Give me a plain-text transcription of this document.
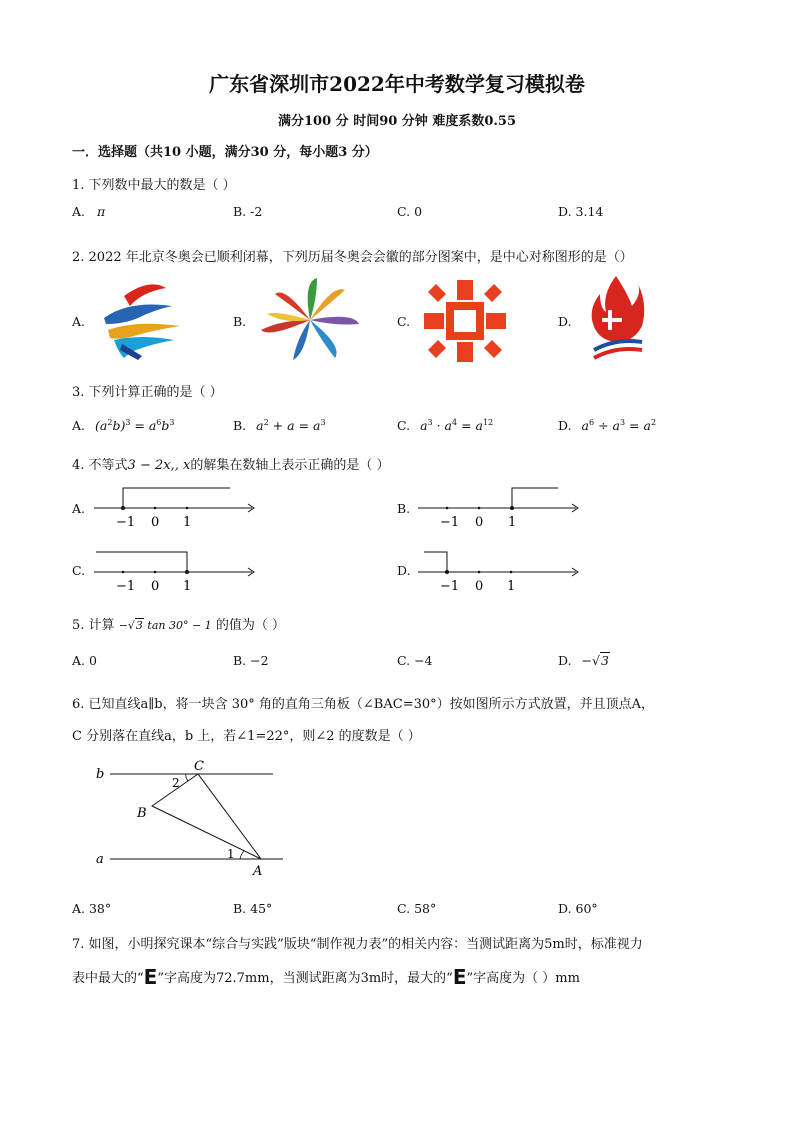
广东省深圳市2022年中考数学复习模拟卷
满分100 分 时间90 分钟 难度系数0.55
一．选择题（共10 小题，满分30 分，每小题3 分）
1. 下列数中最大的数是（ ）
A. π	B. -2	C. 0	D. 3.14
2. 2022 年北京冬奥会已顺利闭幕，下列历届冬奥会会徽的部分图案中，是中心对称图形的是（）
A.	B.	C.	D.
3. 下列计算正确的是（ ）
A. $(a^2b)^3 = a^6b^3$	B. $a^2 + a = a^3$	C. $a^3 \cdot a^4 = a^{12}$	D. $a^6 \div a^3 = a^2$
4. 不等式3 − 2x,, x的解集在数轴上表示正确的是（ ）
A.
−1 0 1
B.
−1 0 1
C.
−1 0 1
D.
−1 0 1
5. 计算 −√3 tan 30° − 1 的值为（ ）
A. 0	B. −2	C. −4	D. −√3
6. 已知直线a∥b，将一块含 30° 角的直角三角板（∠BAC=30°）按如图所示方式放置，并且顶点A，
C 分别落在直线a，b 上，若∠1=22°，则∠2 的度数是（ ）
b
C
2
B
a	1
A
A. 38°	B. 45°	C. 58°	D. 60°
7. 如图，小明探究课本“综合与实践”版块“制作视力表”的相关内容：当测试距离为5m时，标准视力
表中最大的“E”字高度为72.7mm，当测试距离为3m时，最大的“E”字高度为（ ）mm
